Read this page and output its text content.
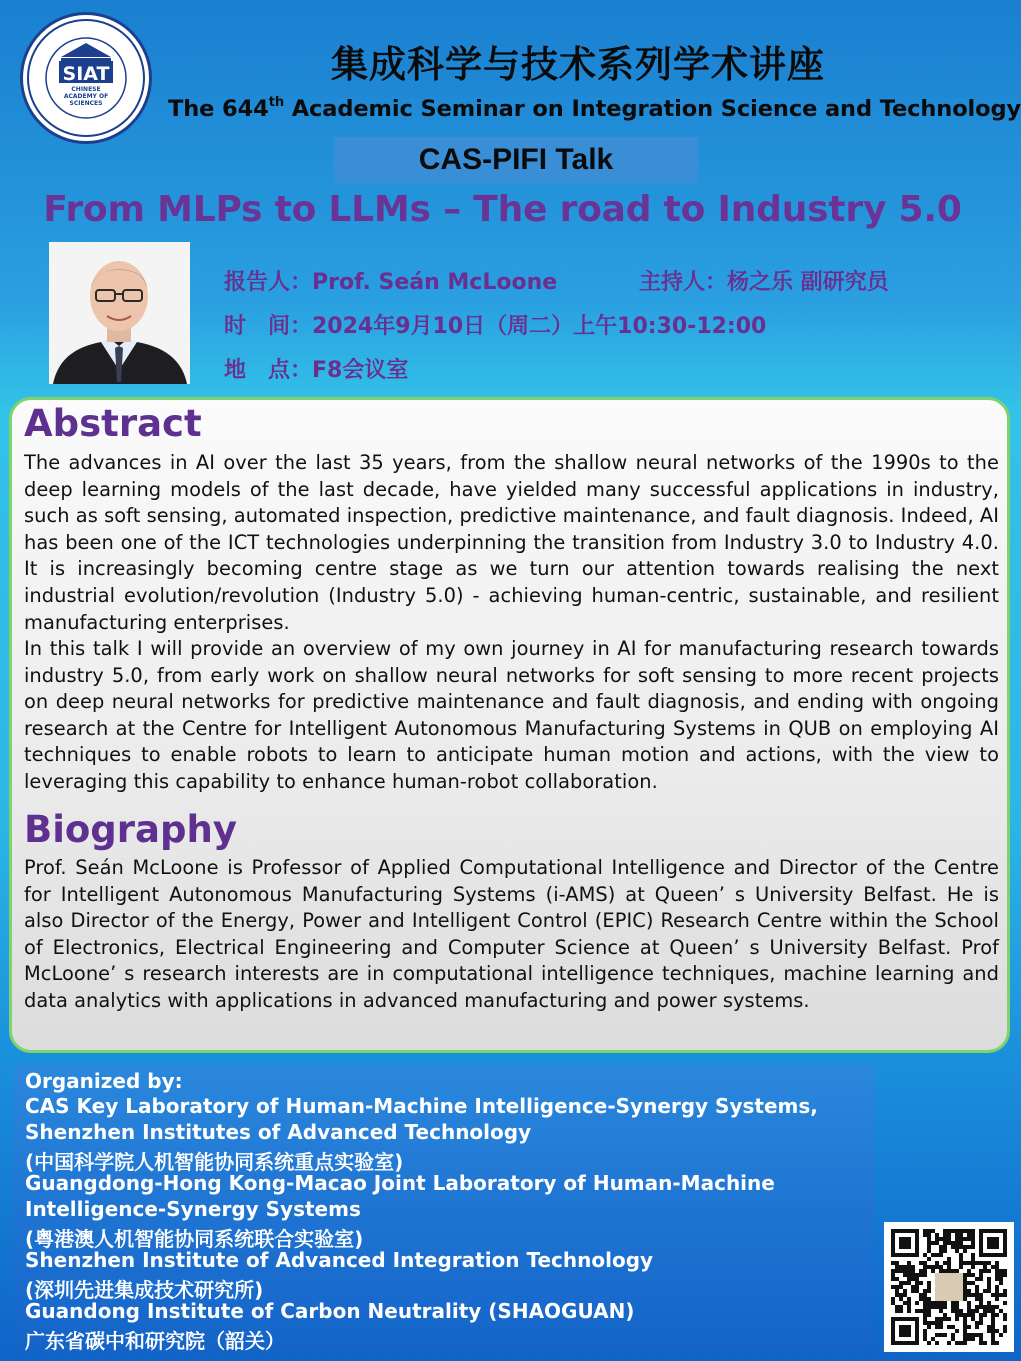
SIAT
CHINESE
ACADEMY OF
SCIENCES
集成科学与技术系列学术讲座
The 644th Academic Seminar on Integration Science and Technology
CAS-PIFI Talk
From MLPs to LLMs – The road to Industry 5.0
报告人：Prof. Seán McLoone	主持人：杨之乐 副研究员
时　间：2024年9月10日（周二）上午10:30-12:00
地　点：F8会议室
Abstract

The advances in AI over the last 35 years, from the shallow neural networks of the 1990s to the deep learning models of the last decade, have yielded many successful applications in industry, such as soft sensing, automated inspection, predictive maintenance, and fault diagnosis. Indeed, AI has been one of the ICT technologies underpinning the transition from Industry 3.0 to Industry 4.0. It is increasingly becoming centre stage as we turn our attention towards realising the next industrial evolution/revolution (Industry 5.0) - achieving human-centric, sustainable, and resilient manufacturing enterprises.

In this talk I will provide an overview of my own journey in AI for manufacturing research towards industry 5.0, from early work on shallow neural networks for soft sensing to more recent projects on deep neural networks for predictive maintenance and fault diagnosis, and ending with ongoing research at the Centre for Intelligent Autonomous Manufacturing Systems in QUB on employing AI techniques to enable robots to learn to anticipate human motion and actions, with the view to leveraging this capability to enhance human-robot collaboration.

Biography

Prof. Seán McLoone is Professor of Applied Computational Intelligence and Director of the Centre for Intelligent Autonomous Manufacturing Systems (i-AMS) at Queen’ s University Belfast. He is also Director of the Energy, Power and Intelligent Control (EPIC) Research Centre within the School of Electronics, Electrical Engineering and Computer Science at Queen’ s University Belfast. Prof McLoone’ s research interests are in computational intelligence techniques, machine learning and data analytics with applications in advanced manufacturing and power systems.

Organized by:
CAS Key Laboratory of Human-Machine Intelligence-Synergy Systems,
Shenzhen Institutes of Advanced Technology
(中国科学院人机智能协同系统重点实验室)
Guangdong-Hong Kong-Macao Joint Laboratory of Human-Machine
Intelligence-Synergy Systems
(粤港澳人机智能协同系统联合实验室)
Shenzhen Institute of Advanced Integration Technology
(深圳先进集成技术研究所)
Guandong Institute of Carbon Neutrality (SHAOGUAN)
广东省碳中和研究院（韶关）
